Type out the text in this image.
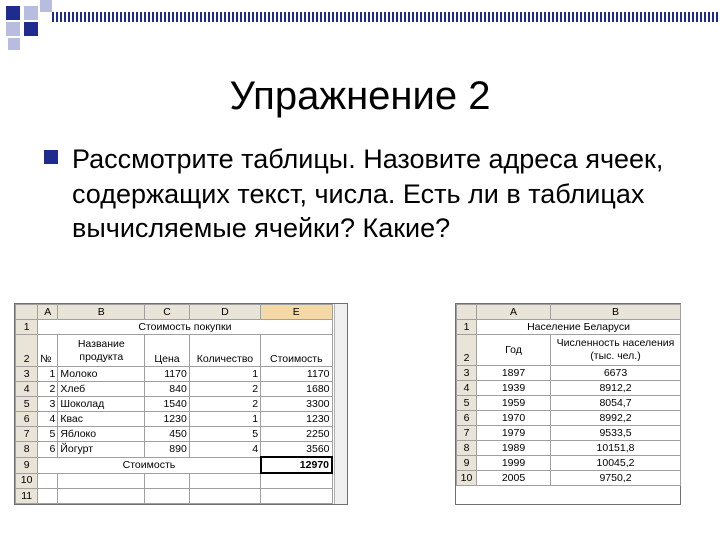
Упражнение 2
Рассмотрите таблицы. Назовите адреса ячеек, содержащих текст, числа. Есть ли в таблицах вычисляемые ячейки? Какие?
	A	B	C	D	E
1	Стоимость покупки				
2	№	Название продукта	Цена	Количество	Стоимость
3	1	Молоко	1170	1	1170
4	2	Хлеб	840	2	1680
5	3	Шоколад	1540	2	3300
6	4	Квас	1230	1	1230
7	5	Яблоко	450	5	2250
8	6	Йогурт	890	4	3560
9	Стоимость				12970
10					
11					
	A	B
1	Население Беларуси	
2	Год	Численность населения (тыс. чел.)
3	1897	6673
4	1939	8912,2
5	1959	8054,7
6	1970	8992,2
7	1979	9533,5
8	1989	10151,8
9	1999	10045,2
10	2005	9750,2
